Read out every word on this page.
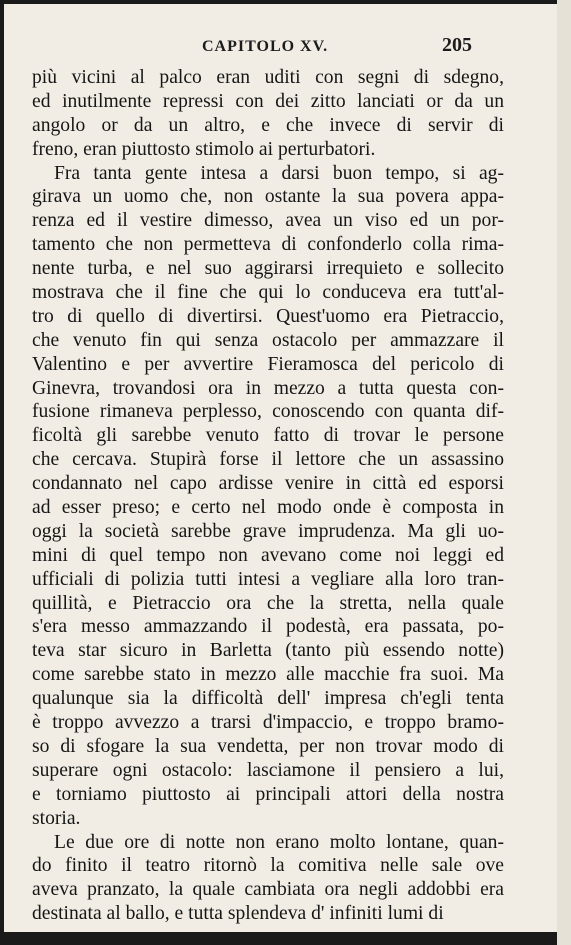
CAPITOLO XV.	205
più vicini al palco eran uditi con segni di sdegno,
ed inutilmente repressi con dei zitto lanciati or da un
angolo or da un altro, e che invece di servir di
freno, eran piuttosto stimolo ai perturbatori.
Fra tanta gente intesa a darsi buon tempo, si ag-
girava un uomo che, non ostante la sua povera appa-
renza ed il vestire dimesso, avea un viso ed un por-
tamento che non permetteva di confonderlo colla rima-
nente turba, e nel suo aggirarsi irrequieto e sollecito
mostrava che il fine che qui lo conduceva era tutt'al-
tro di quello di divertirsi. Quest'uomo era Pietraccio,
che venuto fin qui senza ostacolo per ammazzare il
Valentino e per avvertire Fieramosca del pericolo di
Ginevra, trovandosi ora in mezzo a tutta questa con-
fusione rimaneva perplesso, conoscendo con quanta dif-
ficoltà gli sarebbe venuto fatto di trovar le persone
che cercava. Stupirà forse il lettore che un assassino
condannato nel capo ardisse venire in città ed esporsi
ad esser preso; e certo nel modo onde è composta in
oggi la società sarebbe grave imprudenza. Ma gli uo-
mini di quel tempo non avevano come noi leggi ed
ufficiali di polizia tutti intesi a vegliare alla loro tran-
quillità, e Pietraccio ora che la stretta, nella quale
s'era messo ammazzando il podestà, era passata, po-
teva star sicuro in Barletta (tanto più essendo notte)
come sarebbe stato in mezzo alle macchie fra suoi. Ma
qualunque sia la difficoltà dell' impresa ch'egli tenta
è troppo avvezzo a trarsi d'impaccio, e troppo bramo-
so di sfogare la sua vendetta, per non trovar modo di
superare ogni ostacolo: lasciamone il pensiero a lui,
e torniamo piuttosto ai principali attori della nostra
storia.
Le due ore di notte non erano molto lontane, quan-
do finito il teatro ritornò la comitiva nelle sale ove
aveva pranzato, la quale cambiata ora negli addobbi era
destinata al ballo, e tutta splendeva d' infiniti lumi di
